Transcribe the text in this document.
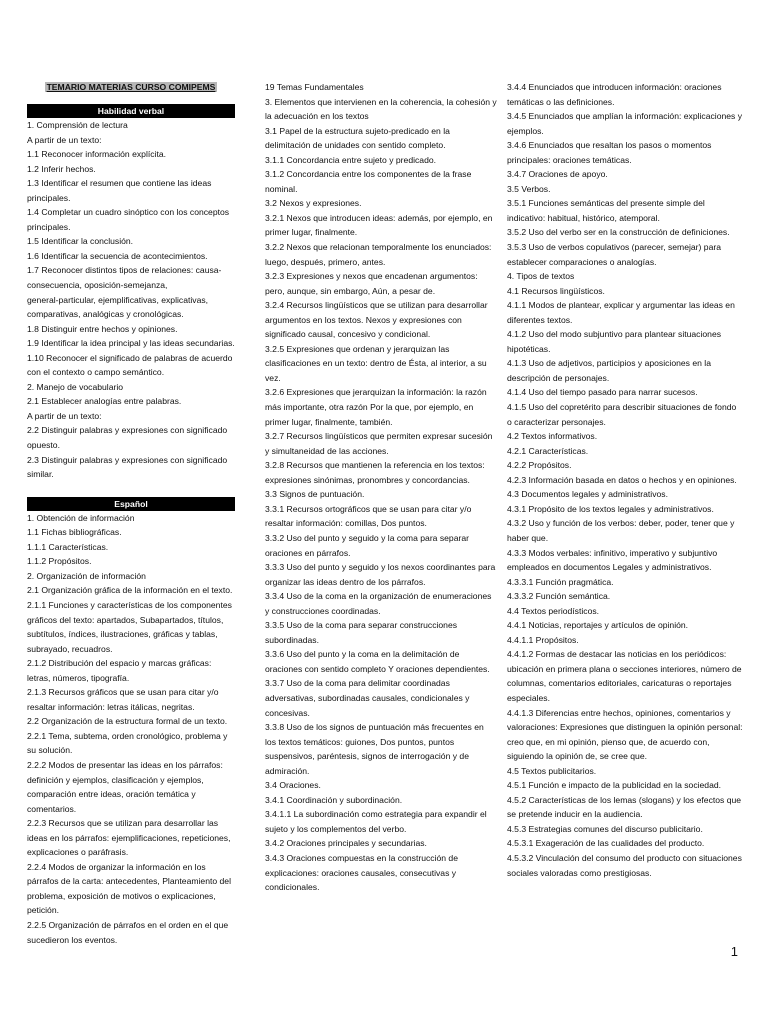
TEMARIO MATERIAS CURSO COMIPEMS
Habilidad verbal
1. Comprensión de lectura
A partir de un texto:
1.1 Reconocer información explícita.
1.2 Inferir hechos.
1.3 Identificar el resumen que contiene las ideas principales.
1.4 Completar un cuadro sinóptico con los conceptos principales.
1.5 Identificar la conclusión.
1.6 Identificar la secuencia de acontecimientos.
1.7 Reconocer distintos tipos de relaciones: causa-consecuencia, oposición-semejanza,
general-particular, ejemplificativas, explicativas, comparativas, analógicas y cronológicas.
1.8 Distinguir entre hechos y opiniones.
1.9 Identificar la idea principal y las ideas secundarias.
1.10 Reconocer el significado de palabras de acuerdo con el contexto o campo semántico.
2. Manejo de vocabulario
2.1 Establecer analogías entre palabras.
A partir de un texto:
2.2 Distinguir palabras y expresiones con significado opuesto.
2.3 Distinguir palabras y expresiones con significado similar.
Español
1. Obtención de información
1.1 Fichas bibliográficas.
1.1.1 Características.
1.1.2 Propósitos.
2. Organización de información
2.1 Organización gráfica de la información en el texto.
2.1.1 Funciones y características de los componentes gráficos del texto: apartados, Subapartados, títulos, subtítulos, índices, ilustraciones, gráficas y tablas, subrayado, recuadros.
2.1.2 Distribución del espacio y marcas gráficas: letras, números, tipografía.
2.1.3 Recursos gráficos que se usan para citar y/o resaltar información: letras itálicas, negritas.
2.2 Organización de la estructura formal de un texto.
2.2.1 Tema, subtema, orden cronológico, problema y su solución.
2.2.2 Modos de presentar las ideas en los párrafos: definición y ejemplos, clasificación y ejemplos, comparación entre ideas, oración temática y comentarios.
2.2.3 Recursos que se utilizan para desarrollar las ideas en los párrafos: ejemplificaciones, repeticiones, explicaciones o paráfrasis.
2.2.4 Modos de organizar la información en los párrafos de la carta: antecedentes, Planteamiento del problema, exposición de motivos o explicaciones, petición.
2.2.5 Organización de párrafos en el orden en el que sucedieron los eventos.
19 Temas Fundamentales
3. Elementos que intervienen en la coherencia, la cohesión y la adecuación en los textos
3.1 Papel de la estructura sujeto-predicado en la delimitación de unidades con sentido completo.
3.1.1 Concordancia entre sujeto y predicado.
3.1.2 Concordancia entre los componentes de la frase nominal.
3.2 Nexos y expresiones.
3.2.1 Nexos que introducen ideas: además, por ejemplo, en primer lugar, finalmente.
3.2.2 Nexos que relacionan temporalmente los enunciados: luego, después, primero, antes.
3.2.3 Expresiones y nexos que encadenan argumentos: pero, aunque, sin embargo, Aún, a pesar de.
3.2.4 Recursos lingüísticos que se utilizan para desarrollar argumentos en los textos. Nexos y expresiones con significado causal, concesivo y condicional.
3.2.5 Expresiones que ordenan y jerarquizan las clasificaciones en un texto: dentro de Ésta, al interior, a su vez.
3.2.6 Expresiones que jerarquizan la información: la razón más importante, otra razón Por la que, por ejemplo, en primer lugar, finalmente, también.
3.2.7 Recursos lingüísticos que permiten expresar sucesión y simultaneidad de las acciones.
3.2.8 Recursos que mantienen la referencia en los textos: expresiones sinónimas, pronombres y concordancias.
3.3 Signos de puntuación.
3.3.1 Recursos ortográficos que se usan para citar y/o resaltar información: comillas, Dos puntos.
3.3.2 Uso del punto y seguido y la coma para separar oraciones en párrafos.
3.3.3 Uso del punto y seguido y los nexos coordinantes para organizar las ideas dentro de los párrafos.
3.3.4 Uso de la coma en la organización de enumeraciones y construcciones coordinadas.
3.3.5 Uso de la coma para separar construcciones subordinadas.
3.3.6 Uso del punto y la coma en la delimitación de oraciones con sentido completo Y oraciones dependientes.
3.3.7 Uso de la coma para delimitar coordinadas adversativas, subordinadas causales, condicionales y concesivas.
3.3.8 Uso de los signos de puntuación más frecuentes en los textos temáticos: guiones, Dos puntos, puntos suspensivos, paréntesis, signos de interrogación y de admiración.
3.4 Oraciones.
3.4.1 Coordinación y subordinación.
3.4.1.1 La subordinación como estrategia para expandir el sujeto y los complementos del verbo.
3.4.2 Oraciones principales y secundarias.
3.4.3 Oraciones compuestas en la construcción de explicaciones: oraciones causales, consecutivas y condicionales.
3.4.4 Enunciados que introducen información: oraciones temáticas o las definiciones.
3.4.5 Enunciados que amplían la información: explicaciones y ejemplos.
3.4.6 Enunciados que resaltan los pasos o momentos principales: oraciones temáticas.
3.4.7 Oraciones de apoyo.
3.5 Verbos.
3.5.1 Funciones semánticas del presente simple del indicativo: habitual, histórico, atemporal.
3.5.2 Uso del verbo ser en la construcción de definiciones.
3.5.3 Uso de verbos copulativos (parecer, semejar) para establecer comparaciones o analogías.
4. Tipos de textos
4.1 Recursos lingüísticos.
4.1.1 Modos de plantear, explicar y argumentar las ideas en diferentes textos.
4.1.2 Uso del modo subjuntivo para plantear situaciones hipotéticas.
4.1.3 Uso de adjetivos, participios y aposiciones en la descripción de personajes.
4.1.4 Uso del tiempo pasado para narrar sucesos.
4.1.5 Uso del copretérito para describir situaciones de fondo o caracterizar personajes.
4.2 Textos informativos.
4.2.1 Características.
4.2.2 Propósitos.
4.2.3 Información basada en datos o hechos y en opiniones.
4.3 Documentos legales y administrativos.
4.3.1 Propósito de los textos legales y administrativos.
4.3.2 Uso y función de los verbos: deber, poder, tener que y haber que.
4.3.3 Modos verbales: infinitivo, imperativo y subjuntivo empleados en documentos Legales y administrativos.
4.3.3.1 Función pragmática.
4.3.3.2 Función semántica.
4.4 Textos periodísticos.
4.4.1 Noticias, reportajes y artículos de opinión.
4.4.1.1 Propósitos.
4.4.1.2 Formas de destacar las noticias en los periódicos: ubicación en primera plana o secciones interiores, número de columnas, comentarios editoriales, caricaturas o reportajes especiales.
4.4.1.3 Diferencias entre hechos, opiniones, comentarios y valoraciones: Expresiones que distinguen la opinión personal: creo que, en mi opinión, pienso que, de acuerdo con, siguiendo la opinión de, se cree que.
4.5 Textos publicitarios.
4.5.1 Función e impacto de la publicidad en la sociedad.
4.5.2 Características de los lemas (slogans) y los efectos que se pretende inducir en la audiencia.
4.5.3 Estrategias comunes del discurso publicitario.
4.5.3.1 Exageración de las cualidades del producto.
4.5.3.2 Vinculación del consumo del producto con situaciones sociales valoradas como prestigiosas.
1
